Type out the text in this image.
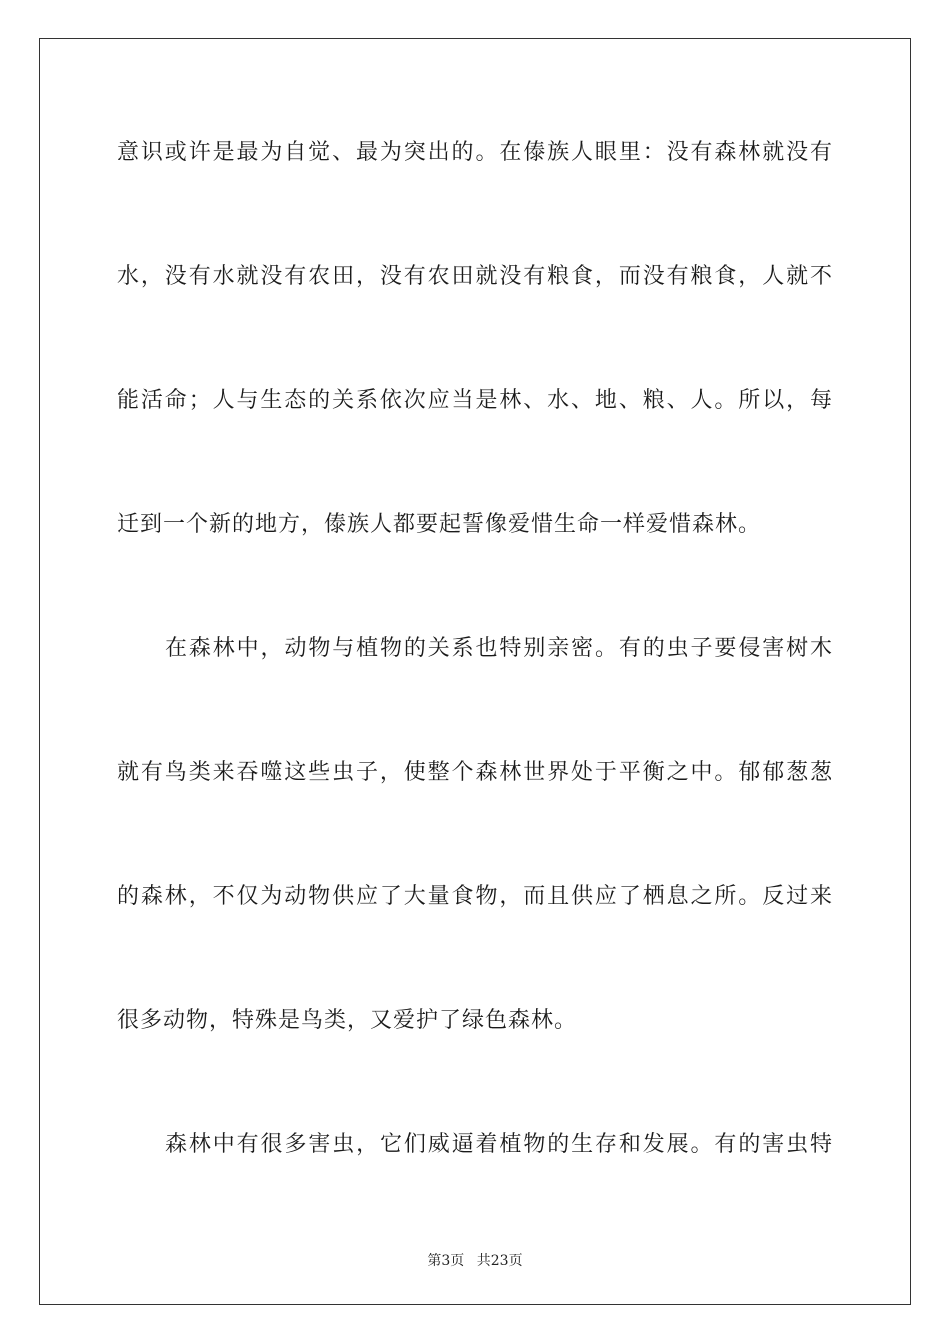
意识或许是最为自觉、最为突出的。在傣族人眼里：没有森林就没有
水，没有水就没有农田，没有农田就没有粮食，而没有粮食，人就不
能活命；人与生态的关系依次应当是林、水、地、粮、人。所以，每
迁到一个新的地方，傣族人都要起誓像爱惜生命一样爱惜森林。
在森林中，动物与植物的关系也特别亲密。有的虫子要侵害树木
就有鸟类来吞噬这些虫子，使整个森林世界处于平衡之中。郁郁葱葱
的森林，不仅为动物供应了大量食物，而且供应了栖息之所。反过来
很多动物，特殊是鸟类，又爱护了绿色森林。
森林中有很多害虫，它们威逼着植物的生存和发展。有的害虫特
第3页 共23页
